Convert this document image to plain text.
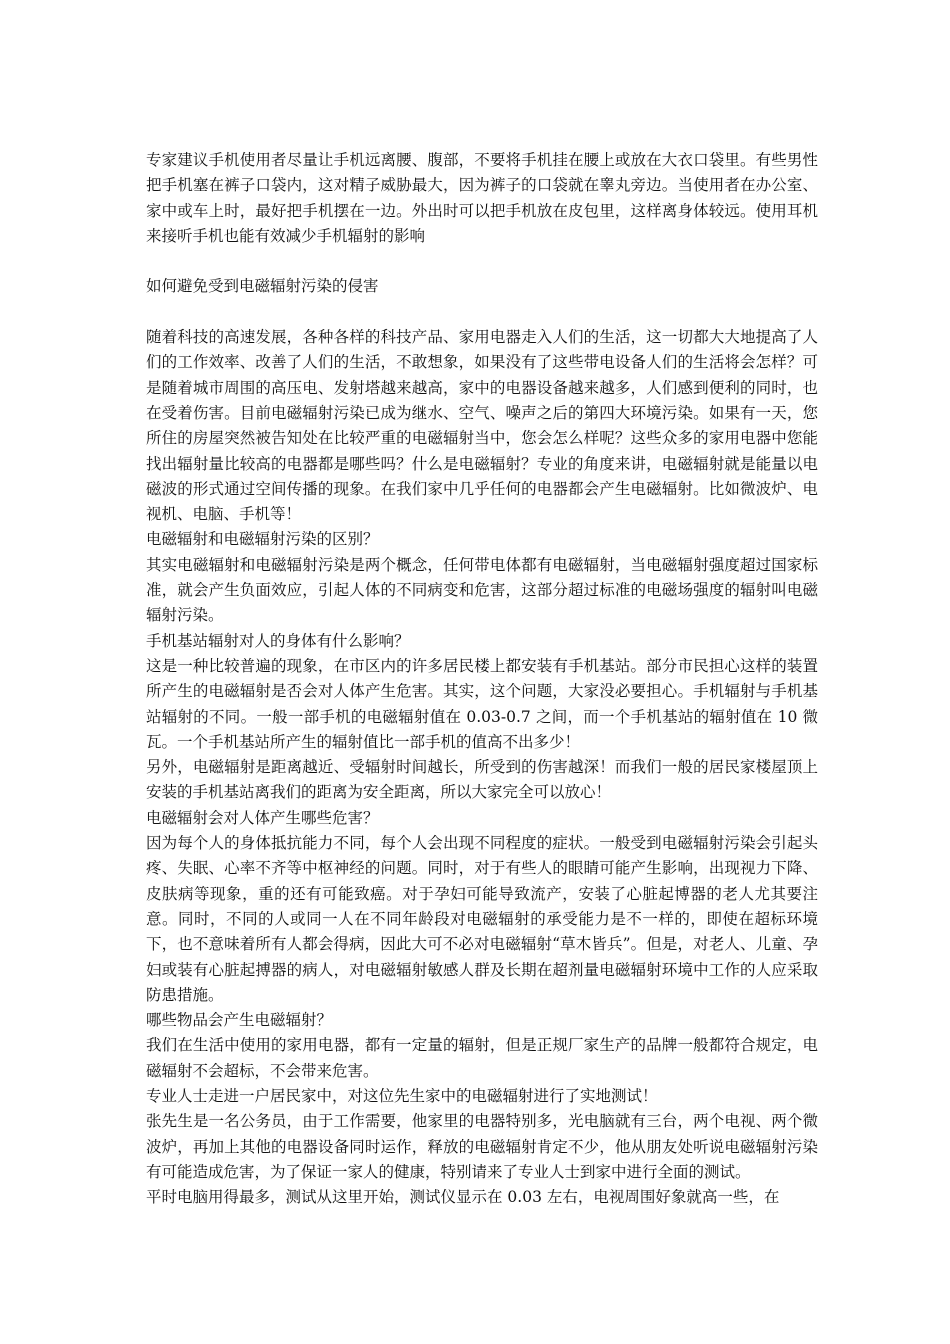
专家建议手机使用者尽量让手机远离腰、腹部，不要将手机挂在腰上或放在大衣口袋里。有些男性把手机塞在裤子口袋内，这对精子威胁最大，因为裤子的口袋就在睾丸旁边。当使用者在办公室、家中或车上时，最好把手机摆在一边。外出时可以把手机放在皮包里，这样离身体较远。使用耳机来接听手机也能有效减少手机辐射的影响

如何避免受到电磁辐射污染的侵害

随着科技的高速发展，各种各样的科技产品、家用电器走入人们的生活，这一切都大大地提高了人们的工作效率、改善了人们的生活，不敢想象，如果没有了这些带电设备人们的生活将会怎样？可是随着城市周围的高压电、发射塔越来越高，家中的电器设备越来越多，人们感到便利的同时，也在受着伤害。目前电磁辐射污染已成为继水、空气、噪声之后的第四大环境污染。如果有一天，您所住的房屋突然被告知处在比较严重的电磁辐射当中，您会怎么样呢？这些众多的家用电器中您能找出辐射量比较高的电器都是哪些吗？什么是电磁辐射？专业的角度来讲，电磁辐射就是能量以电磁波的形式通过空间传播的现象。在我们家中几乎任何的电器都会产生电磁辐射。比如微波炉、电视机、电脑、手机等！

电磁辐射和电磁辐射污染的区别？

其实电磁辐射和电磁辐射污染是两个概念，任何带电体都有电磁辐射，当电磁辐射强度超过国家标准，就会产生负面效应，引起人体的不同病变和危害，这部分超过标准的电磁场强度的辐射叫电磁辐射污染。

手机基站辐射对人的身体有什么影响？

这是一种比较普遍的现象，在市区内的许多居民楼上都安装有手机基站。部分市民担心这样的装置所产生的电磁辐射是否会对人体产生危害。其实，这个问题，大家没必要担心。手机辐射与手机基站辐射的不同。一般一部手机的电磁辐射值在 0.03-0.7 之间，而一个手机基站的辐射值在 10 微瓦。一个手机基站所产生的辐射值比一部手机的值高不出多少！

另外，电磁辐射是距离越近、受辐射时间越长，所受到的伤害越深！而我们一般的居民家楼屋顶上安装的手机基站离我们的距离为安全距离，所以大家完全可以放心！

电磁辐射会对人体产生哪些危害？

因为每个人的身体抵抗能力不同，每个人会出现不同程度的症状。一般受到电磁辐射污染会引起头疼、失眠、心率不齐等中枢神经的问题。同时，对于有些人的眼睛可能产生影响，出现视力下降、皮肤病等现象，重的还有可能致癌。对于孕妇可能导致流产，安装了心脏起博器的老人尤其要注意。同时，不同的人或同一人在不同年龄段对电磁辐射的承受能力是不一样的，即使在超标环境下，也不意味着所有人都会得病，因此大可不必对电磁辐射“草木皆兵”。但是，对老人、儿童、孕妇或装有心脏起搏器的病人，对电磁辐射敏感人群及长期在超剂量电磁辐射环境中工作的人应采取防患措施。

哪些物品会产生电磁辐射？

我们在生活中使用的家用电器，都有一定量的辐射，但是正规厂家生产的品牌一般都符合规定，电磁辐射不会超标，不会带来危害。

专业人士走进一户居民家中，对这位先生家中的电磁辐射进行了实地测试！

张先生是一名公务员，由于工作需要，他家里的电器特别多，光电脑就有三台，两个电视、两个微波炉，再加上其他的电器设备同时运作，释放的电磁辐射肯定不少，他从朋友处听说电磁辐射污染有可能造成危害，为了保证一家人的健康，特别请来了专业人士到家中进行全面的测试。

平时电脑用得最多，测试从这里开始，测试仪显示在 0.03 左右，电视周围好象就高一些，在
